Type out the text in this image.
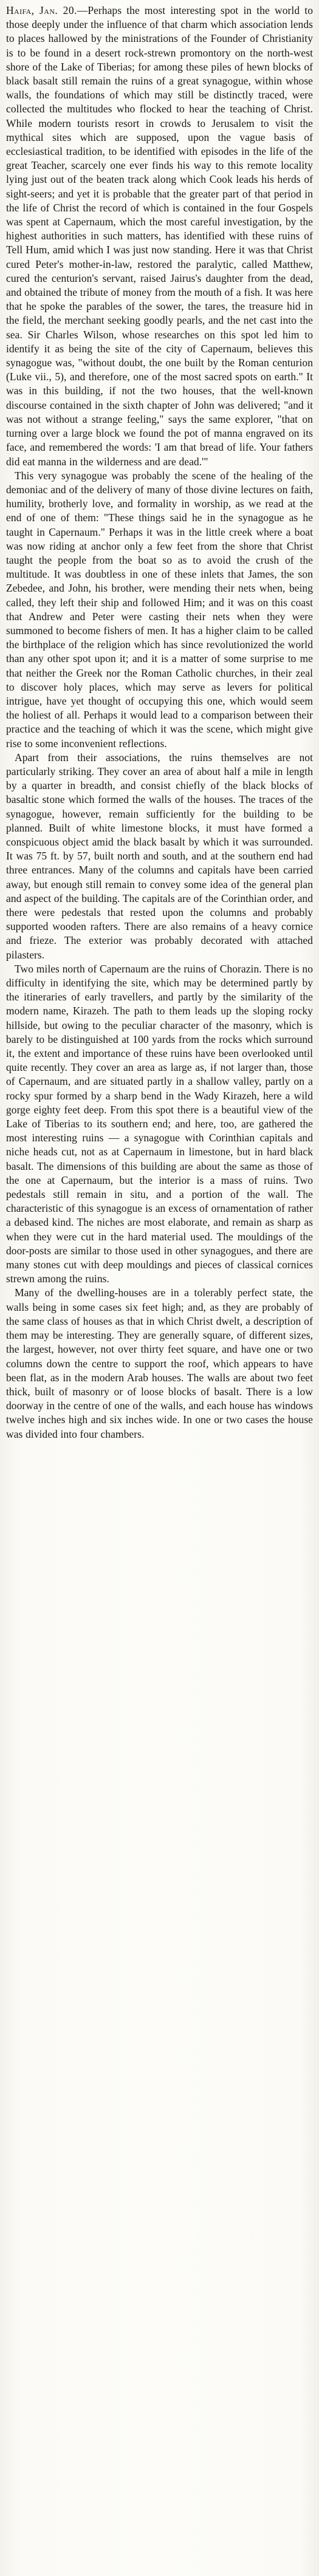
Haifa, Jan. 20.—Perhaps the most interesting spot in the world to those deeply under the influence of that charm which association lends to places hallowed by the ministrations of the Founder of Christianity is to be found in a desert rock-strewn promontory on the north-west shore of the Lake of Tiberias; for among these piles of hewn blocks of black basalt still remain the ruins of a great synagogue, within whose walls, the foundations of which may still be distinctly traced, were collected the multitudes who flocked to hear the teaching of Christ. While modern tourists resort in crowds to Jerusalem to visit the mythical sites which are supposed, upon the vague basis of ecclesiastical tradition, to be identified with episodes in the life of the great Teacher, scarcely one ever finds his way to this remote locality lying just out of the beaten track along which Cook leads his herds of sight-seers; and yet it is probable that the greater part of that period in the life of Christ the record of which is contained in the four Gospels was spent at Capernaum, which the most careful investigation, by the highest authorities in such matters, has identified with these ruins of Tell Hum, amid which I was just now standing. Here it was that Christ cured Peter's mother-in-law, restored the paralytic, called Matthew, cured the centurion's servant, raised Jairus's daughter from the dead, and obtained the tribute of money from the mouth of a fish. It was here that he spoke the parables of the sower, the tares, the treasure hid in the field, the merchant seeking goodly pearls, and the net cast into the sea. Sir Charles Wilson, whose researches on this spot led him to identify it as being the site of the city of Capernaum, believes this synagogue was, "without doubt, the one built by the Roman centurion (Luke vii., 5), and therefore, one of the most sacred spots on earth." It was in this building, if not the two houses, that the well-known discourse contained in the sixth chapter of John was delivered; "and it was not without a strange feeling," says the same explorer, "that on turning over a large block we found the pot of manna engraved on its face, and remembered the words: 'I am that bread of life. Your fathers did eat manna in the wilderness and are dead.'"

This very synagogue was probably the scene of the healing of the demoniac and of the delivery of many of those divine lectures on faith, humility, brotherly love, and formality in worship, as we read at the end of one of them: "These things said he in the synagogue as he taught in Capernaum." Perhaps it was in the little creek where a boat was now riding at anchor only a few feet from the shore that Christ taught the people from the boat so as to avoid the crush of the multitude. It was doubtless in one of these inlets that James, the son Zebedee, and John, his brother, were mending their nets when, being called, they left their ship and followed Him; and it was on this coast that Andrew and Peter were casting their nets when they were summoned to become fishers of men. It has a higher claim to be called the birthplace of the religion which has since revolutionized the world than any other spot upon it; and it is a matter of some surprise to me that neither the Greek nor the Roman Catholic churches, in their zeal to discover holy places, which may serve as levers for political intrigue, have yet thought of occupying this one, which would seem the holiest of all. Perhaps it would lead to a comparison between their practice and the teaching of which it was the scene, which might give rise to some inconvenient reflections.

Apart from their associations, the ruins themselves are not particularly striking. They cover an area of about half a mile in length by a quarter in breadth, and consist chiefly of the black blocks of basaltic stone which formed the walls of the houses. The traces of the synagogue, however, remain sufficiently for the building to be planned. Built of white limestone blocks, it must have formed a conspicuous object amid the black basalt by which it was surrounded. It was 75 ft. by 57, built north and south, and at the southern end had three entrances. Many of the columns and capitals have been carried away, but enough still remain to convey some idea of the general plan and aspect of the building. The capitals are of the Corinthian order, and there were pedestals that rested upon the columns and probably supported wooden rafters. There are also remains of a heavy cornice and frieze. The exterior was probably decorated with attached pilasters.

Two miles north of Capernaum are the ruins of Chorazin. There is no difficulty in identifying the site, which may be determined partly by the itineraries of early travellers, and partly by the similarity of the modern name, Kirazeh. The path to them leads up the sloping rocky hillside, but owing to the peculiar character of the masonry, which is barely to be distinguished at 100 yards from the rocks which surround it, the extent and importance of these ruins have been overlooked until quite recently. They cover an area as large as, if not larger than, those of Capernaum, and are situated partly in a shallow valley, partly on a rocky spur formed by a sharp bend in the Wady Kirazeh, here a wild gorge eighty feet deep. From this spot there is a beautiful view of the Lake of Tiberias to its southern end; and here, too, are gathered the most interesting ruins — a synagogue with Corinthian capitals and niche heads cut, not as at Capernaum in limestone, but in hard black basalt. The dimensions of this building are about the same as those of the one at Capernaum, but the interior is a mass of ruins. Two pedestals still remain in situ, and a portion of the wall. The characteristic of this synagogue is an excess of ornamentation of rather a debased kind. The niches are most elaborate, and remain as sharp as when they were cut in the hard material used. The mouldings of the door-posts are similar to those used in other synagogues, and there are many stones cut with deep mouldings and pieces of classical cornices strewn among the ruins.

Many of the dwelling-houses are in a tolerably perfect state, the walls being in some cases six feet high; and, as they are probably of the same class of houses as that in which Christ dwelt, a description of them may be interesting. They are generally square, of different sizes, the largest, however, not over thirty feet square, and have one or two columns down the centre to support the roof, which appears to have been flat, as in the modern Arab houses. The walls are about two feet thick, built of masonry or of loose blocks of basalt. There is a low doorway in the centre of one of the walls, and each house has windows twelve inches high and six inches wide. In one or two cases the house was divided into four chambers.
